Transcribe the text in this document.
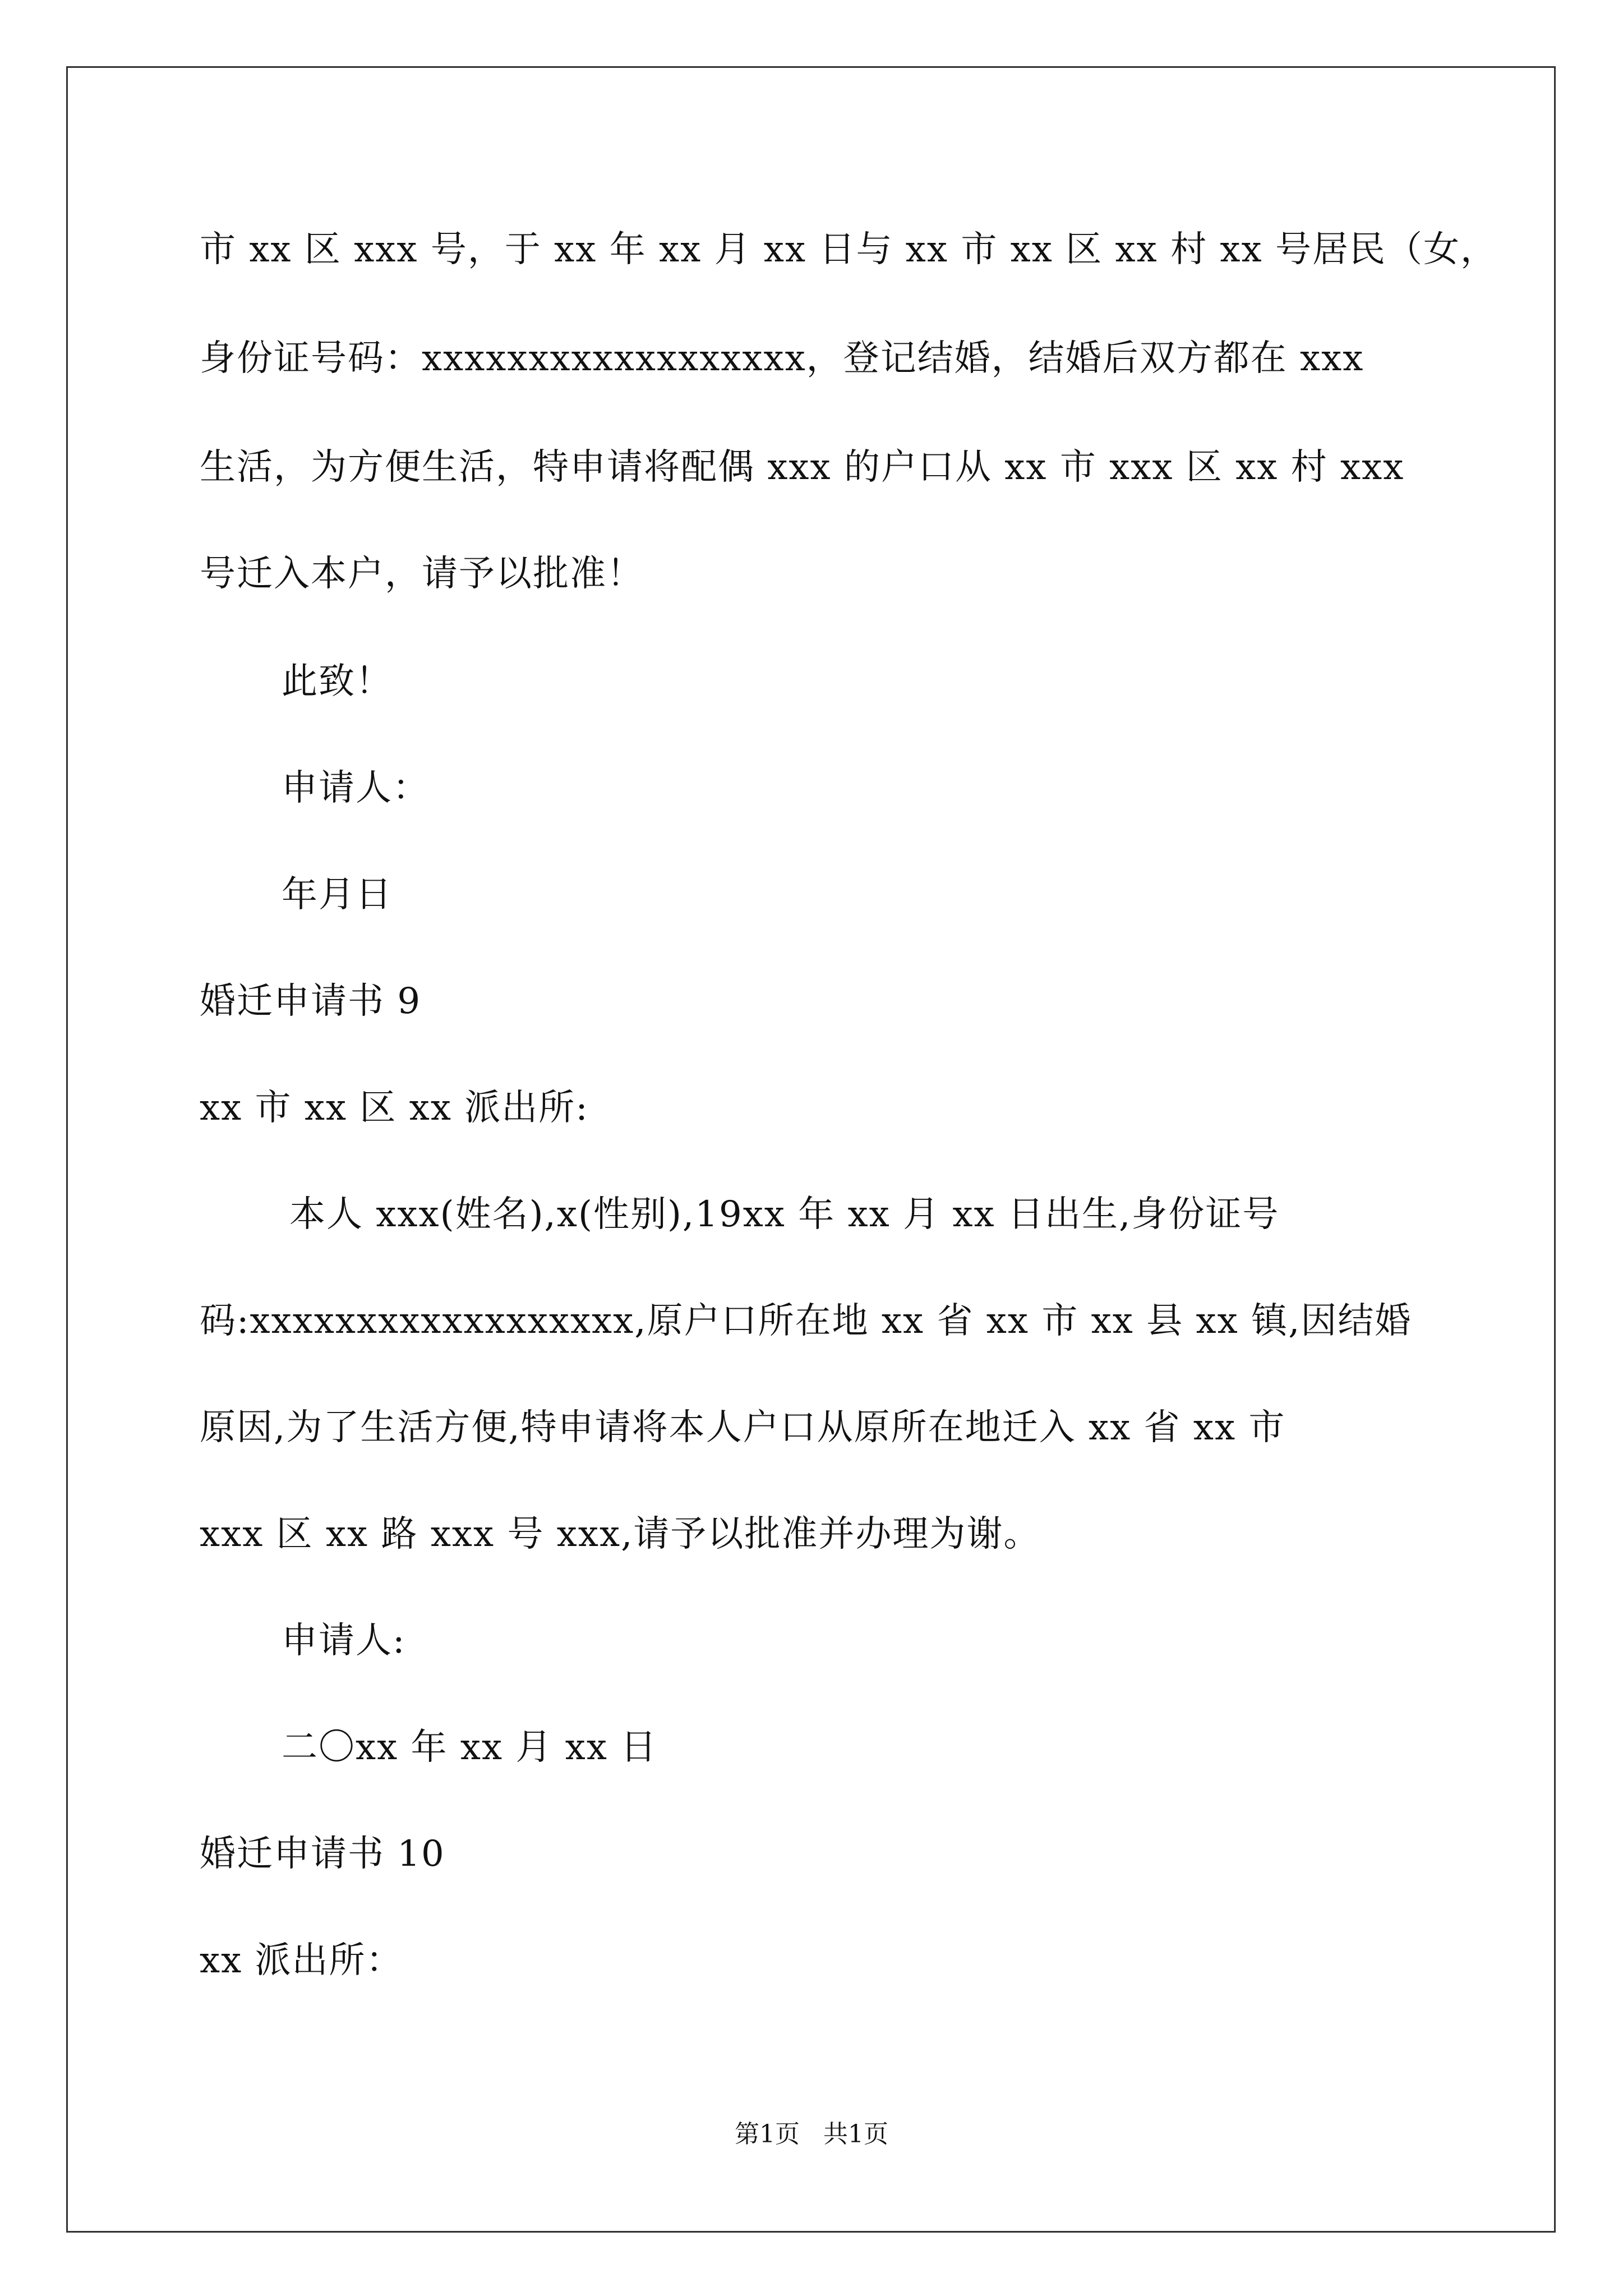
市 xx 区 xxx 号，于 xx 年 xx 月 xx 日与 xx 市 xx 区 xx 村 xx 号居民（女，
身份证号码：xxxxxxxxxxxxxxxxxx，登记结婚，结婚后双方都在 xxx
生活，为方便生活，特申请将配偶 xxx 的户口从 xx 市 xxx 区 xx 村 xxx
号迁入本户，请予以批准！
此致！
申请人：
年月日
婚迁申请书 9
xx 市 xx 区 xx 派出所:
本人 xxx(姓名),x(性别),19xx 年 xx 月 xx 日出生,身份证号
码:xxxxxxxxxxxxxxxxxx,原户口所在地 xx 省 xx 市 xx 县 xx 镇,因结婚
原因,为了生活方便,特申请将本人户口从原所在地迁入 xx 省 xx 市
xxx 区 xx 路 xxx 号 xxx,请予以批准并办理为谢。
申请人:
二〇xx 年 xx 月 xx 日
婚迁申请书 10
xx 派出所：
第1页   共1页
